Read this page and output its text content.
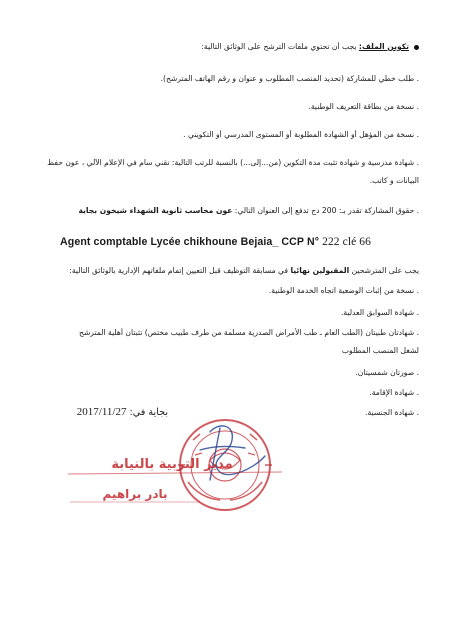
تكوين الملف: يجب أن تحتوي ملفات الترشح على الوثائق التالية:
. طلب خطي للمشاركة (تحديد المنصب المطلوب و عنوان و رقم الهاتف المترشح).
. نسخة من بطاقة التعريف الوطنية.
. نسخة من المؤهل أو الشهادة المطلوبة أو المستوى المدرسي أو التكويني .
. شهادة مدرسية و شهادة تثبت مدة التكوين (من...إلى...) بالنسبة للرتب التالية: تقني سام في الإعلام الآلي ، عون حفظ
البيانات و كاتب.
. حقوق المشاركة تقدر بـ: 200 دج تدفع إلى العنوان التالي: عون محاسب ثانوية الشهداء شيخون بجاية
Agent comptable Lycée chikhoune Bejaia_ CCP N° 222 clé 66
يجب على المترشحين المقبولين نهائيا في مسابقة التوظيف قبل التعيين إتمام ملفاتهم الإدارية بالوثائق التالية:
. نسخة من إثبات الوضعية اتجاه الخدمة الوطنية.
. شهادة السوابق العدلية.
. شهادتان طبيتان (الطب العام ـ طب الأمراض الصدرية مسلمة من طرف طبيب مختص) تثبتان أهلية المترشح
لشغل المنصب المطلوب
. صورتان شمسيتان.
. شهادة الإقامة.
. شهادة الجنسية.
بجاية في: 2017/11/27
مدير التربية بالنيابة
بادر براهيم
